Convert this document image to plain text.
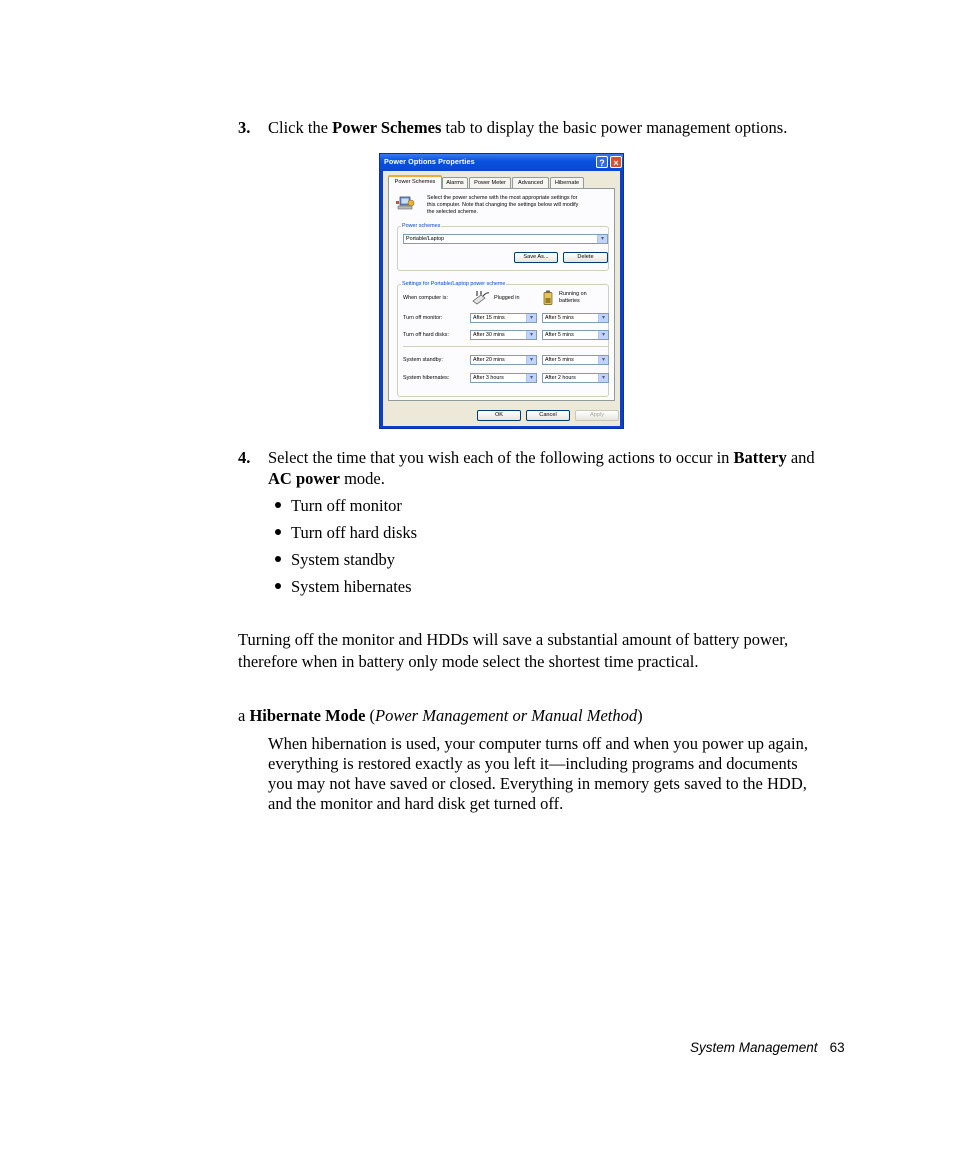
3. Click the Power Schemes tab to display the basic power management options.
Power Options Properties	? ×
Power Schemes	Alarms	Power Meter	Advanced	Hibernate
Select the power scheme with the most appropriate settings for
this computer. Note that changing the settings below will modify
the selected scheme.
Power schemes
Portable/Laptop	▾
Save As...	Delete
Settings for Portable/Laptop power scheme
When computer is:	Plugged in
Running on
batteries
Turn off monitor:	After 15 mins	▾	After 5 mins	▾
Turn off hard disks:	After 30 mins	▾	After 5 mins	▾
System standby:	After 20 mins	▾	After 5 mins	▾
System hibernates:	After 3 hours	▾	After 2 hours	▾
OK	Cancel	Apply
4. Select the time that you wish each of the following actions to occur in Battery and
AC power mode.
Turn off monitor
Turn off hard disks
System standby
System hibernates
Turning off the monitor and HDDs will save a substantial amount of battery power,
therefore when in battery only mode select the shortest time practical.
a Hibernate Mode (Power Management or Manual Method)
When hibernation is used, your computer turns off and when you power up again,
everything is restored exactly as you left it—including programs and documents
you may not have saved or closed. Everything in memory gets saved to the HDD,
and the monitor and hard disk get turned off.
System Management 63
